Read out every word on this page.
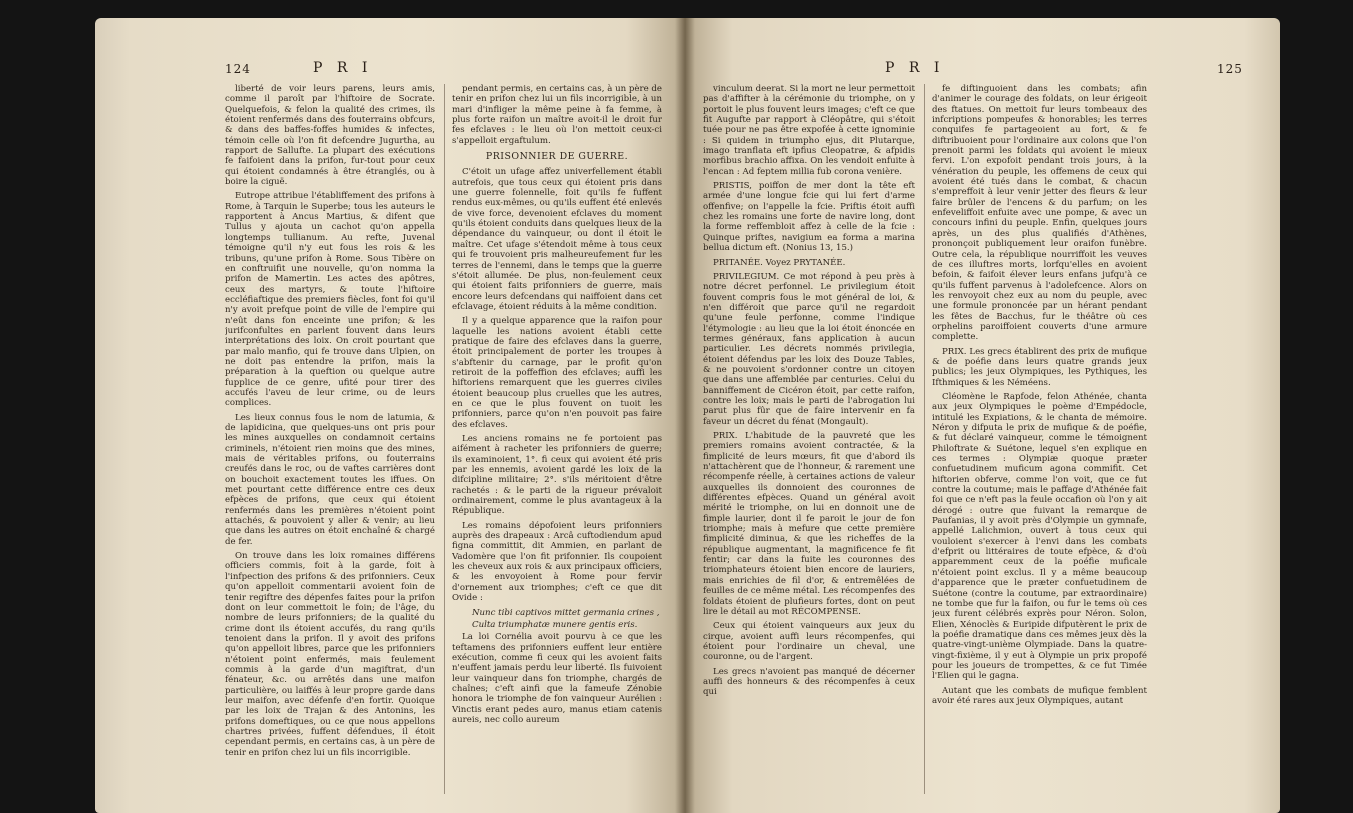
124	P R I

liberté de voir leurs parens, leurs amis, comme il paroît par l'hiftoire de Socrate. Quelquefois, & felon la qualité des crimes, ils étoient renfermés dans des fouterrains obfcurs, & dans des baffes-foffes humides & infectes, témoin celle où l'on fit defcendre Jugurtha, au rapport de Sallufte. La plupart des exécutions fe faifoient dans la prifon, fur-tout pour ceux qui étoient condamnés à être étranglés, ou à boire la ciguë.

Eutrope attribue l'établiffement des prifons à Rome, à Tarquin le Superbe; tous les auteurs le rapportent à Ancus Martius, & difent que Tullus y ajouta un cachot qu'on appella longtemps tullianum. Au refte, Juvenal témoigne qu'il n'y eut fous les rois & les tribuns, qu'une prifon à Rome. Sous Tibère on en conftruifit une nouvelle, qu'on nomma la prifon de Mamertin. Les actes des apôtres, ceux des martyrs, & toute l'hiftoire eccléfiaftique des premiers fiècles, font foi qu'il n'y avoit prefque point de ville de l'empire qui n'eût dans fon enceinte une prifon; & les jurifconfultes en parlent fouvent dans leurs interprétations des loix. On croit pourtant que par malo manfio, qui fe trouve dans Ulpien, on ne doit pas entendre la prifon, mais la préparation à la queftion ou quelque autre fupplice de ce genre, ufité pour tirer des accufés l'aveu de leur crime, ou de leurs complices.

Les lieux connus fous le nom de latumia, & de lapidicina, que quelques-uns ont pris pour les mines auxquelles on condamnoit certains criminels, n'étoient rien moins que des mines, mais de véritables prifons, ou fouterrains creufés dans le roc, ou de vaftes carrières dont on bouchoit exactement toutes les iffues. On met pourtant cette différence entre ces deux efpèces de prifons, que ceux qui étoient renfermés dans les premières n'étoient point attachés, & pouvoient y aller & venir; au lieu que dans les autres on étoit enchaîné & chargé de fer.

On trouve dans les loix romaines différens officiers commis, foit à la garde, foit à l'infpection des prifons & des prifonniers. Ceux qu'on appelloit commentarii avoient foin de tenir regiftre des dépenfes faites pour la prifon dont on leur commettoit le foin; de l'âge, du nombre de leurs prifonniers; de la qualité du crime dont ils étoient accufés, du rang qu'ils tenoient dans la prifon. Il y avoit des prifons qu'on appelloit libres, parce que les prifonniers n'étoient point enfermés, mais feulement commis à la garde d'un magiftrat, d'un fénateur, &c. ou arrêtés dans une maifon particulière, ou laiffés à leur propre garde dans leur maifon, avec défenfe d'en fortir. Quoique par les loix de Trajan & des Antonins, les prifons domeftiques, ou ce que nous appellons chartres privées, fuffent défendues, il étoit cependant permis, en certains cas, à un père de tenir en prifon chez lui un fils incorrigible.

pendant permis, en certains cas, à un père de tenir en prifon chez lui un fils incorrigible, à un mari d'infliger la même peine à fa femme, à plus forte raifon un maître avoit-il le droit fur fes efclaves : le lieu où l'on mettoit ceux-ci s'appelloit ergaftulum.

PRISONNIER DE GUERRE.

C'étoit un ufage affez univerfellement établi autrefois, que tous ceux qui étoient pris dans une guerre folennelle, foit qu'ils fe fuffent rendus eux-mêmes, ou qu'ils euffent été enlevés de vive force, devenoient efclaves du moment qu'ils étoient conduits dans quelques lieux de la dépendance du vainqueur, ou dont il étoit le maître. Cet ufage s'étendoit même à tous ceux qui fe trouvoient pris malheureufement fur les terres de l'ennemi, dans le temps que la guerre s'étoit allumée. De plus, non-feulement ceux qui étoient faits prifonniers de guerre, mais encore leurs defcendans qui naiffoient dans cet efclavage, étoient réduits à la même condition.

Il y a quelque apparence que la raifon pour laquelle les nations avoient établi cette pratique de faire des efclaves dans la guerre, étoit principalement de porter les troupes à s'abftenir du carnage, par le profit qu'on retiroit de la poffeffion des efclaves; auffi les hiftoriens remarquent que les guerres civiles étoient beaucoup plus cruelles que les autres, en ce que le plus fouvent on tuoit les prifonniers, parce qu'on n'en pouvoit pas faire des efclaves.

Les anciens romains ne fe portoient pas aifément à racheter les prifonniers de guerre; ils examinoient, 1°. fi ceux qui avoient été pris par les ennemis, avoient gardé les loix de la difcipline militaire; 2°. s'ils méritoient d'être rachetés : & le parti de la rigueur prévaloit ordinairement, comme le plus avantageux à la République.

Les romains dépofoient leurs prifonniers auprès des drapeaux : Arcâ cuftodiendum apud figna committit, dit Ammien, en parlant de Vadomère que l'on fit prifonnier. Ils coupoient les cheveux aux rois & aux principaux officiers, & les envoyoient à Rome pour fervir d'ornement aux triomphes; c'eft ce que dit Ovide :

Nunc tibi captivos mittet germania crines ,

Culta triumphatæ munere gentis eris.

La loi Cornélia avoit pourvu à ce que les teftamens des prifonniers euffent leur entière exécution, comme fi ceux qui les avoient faits n'euffent jamais perdu leur liberté. Ils fuivoient leur vainqueur dans fon triomphe, chargés de chaînes; c'eft ainfi que la fameufe Zénobie honora le triomphe de fon vainqueur Aurélien : Vinctis erant pedes auro, manus etiam catenis aureis, nec collo aureum

P R I	125

vinculum deerat. Si la mort ne leur permettoit pas d'affifter à la cérémonie du triomphe, on y portoit le plus fouvent leurs images; c'eft ce que fit Augufte par rapport à Cléopâtre, qui s'étoit tuée pour ne pas être expofée à cette ignominie : Si quidem in triumpho ejus, dit Plutarque, imago tranflata eft ipfius Cleopatræ, & afpidis morfibus brachio affixa. On les vendoit enfuite à l'encan : Ad feptem millia fub corona venière.

PRISTIS, poiffon de mer dont la tête eft armée d'une longue fcie qui lui fert d'arme offenfive; on l'appelle la fcie. Priftis étoit auffi chez les romains une forte de navire long, dont la forme reffembloit affez à celle de la fcie : Quinque priftes, navigium ea forma a marina bellua dictum eft. (Nonius 13, 15.)

PRITANÉE. Voyez PRYTANÉE.

PRIVILEGIUM. Ce mot répond à peu près à notre décret perfonnel. Le privilegium étoit fouvent compris fous le mot général de loi, & n'en différoit que parce qu'il ne regardoit qu'une feule perfonne, comme l'indique l'étymologie : au lieu que la loi étoit énoncée en termes généraux, fans application à aucun particulier. Les décrets nommés privilegia, étoient défendus par les loix des Douze Tables, & ne pouvoient s'ordonner contre un citoyen que dans une affemblée par centuries. Celui du banniffement de Cicéron étoit, par cette raifon, contre les loix; mais le parti de l'abrogation lui parut plus fûr que de faire intervenir en fa faveur un décret du fénat (Mongault).

PRIX. L'habitude de la pauvreté que les premiers romains avoient contractée, & la fimplicité de leurs mœurs, fit que d'abord ils n'attachèrent que de l'honneur, & rarement une récompenfe réelle, à certaines actions de valeur auxquelles ils donnoient des couronnes de différentes efpèces. Quand un général avoit mérité le triomphe, on lui en donnoit une de fimple laurier, dont il fe paroit le jour de fon triomphe; mais à mefure que cette première fimplicité diminua, & que les richeffes de la république augmentant, la magnificence fe fit fentir; car dans la fuite les couronnes des triomphateurs étoient bien encore de lauriers, mais enrichies de fil d'or, & entremêlées de feuilles de ce même métal. Les récompenfes des foldats étoient de plufieurs fortes, dont on peut lire le détail au mot RÉCOMPENSE.

Ceux qui étoient vainqueurs aux jeux du cirque, avoient auffi leurs récompenfes, qui étoient pour l'ordinaire un cheval, une couronne, ou de l'argent.

Les grecs n'avoient pas manqué de décerner auffi des honneurs & des récompenfes à ceux qui

fe diftinguoient dans les combats; afin d'animer le courage des foldats, on leur érigeoit des ftatues. On mettoit fur leurs tombeaux des infcriptions pompeufes & honorables; les terres conquifes fe partageoient au fort, & fe diftribuoient pour l'ordinaire aux colons que l'on prenoit parmi les foldats qui avoient le mieux fervi. L'on expofoit pendant trois jours, à la vénération du peuple, les offemens de ceux qui avoient été tués dans le combat, & chacun s'empreffoit à leur venir jetter des fleurs & leur faire brûler de l'encens & du parfum; on les enfeveliffoit enfuite avec une pompe, & avec un concours infini du peuple. Enfin, quelques jours après, un des plus qualifiés d'Athènes, prononçoit publiquement leur oraifon funèbre. Outre cela, la république nourriffoit les veuves de ces illuftres morts, lorfqu'elles en avoient befoin, & faifoit élever leurs enfans jufqu'à ce qu'ils fuffent parvenus à l'adolefcence. Alors on les renvoyoit chez eux au nom du peuple, avec une formule prononcée par un hérant pendant les fêtes de Bacchus, fur le théâtre où ces orphelins paroiffoient couverts d'une armure complette.

PRIX. Les grecs établirent des prix de mufique & de poéfie dans leurs quatre grands jeux publics; les jeux Olympiques, les Pythiques, les Ifthmiques & les Néméens.

Cléomène le Rapfode, felon Athénée, chanta aux jeux Olympiques le poème d'Empédocle, intitulé les Expiations, & le chanta de mémoire. Néron y difputa le prix de mufique & de poéfie, & fut déclaré vainqueur, comme le témoignent Philoftrate & Suétone, lequel s'en explique en ces termes : Olympiæ quoque præter confuetudinem muficum agona commifit. Cet hiftorien obferve, comme l'on voit, que ce fut contre la coutume; mais le paffage d'Athénée fait foi que ce n'eft pas la feule occafion où l'on y ait dérogé : outre que fuivant la remarque de Paufanias, il y avoit près d'Olympie un gymnafe, appellé Lalichmion, ouvert à tous ceux qui vouloient s'exercer à l'envi dans les combats d'efprit ou littéraires de toute efpèce, & d'où apparemment ceux de la poéfie muficale n'étoient point exclus. Il y a même beaucoup d'apparence que le præter confuetudinem de Suétone (contre la coutume, par extraordinaire) ne tombe que fur la faifon, ou fur le tems où ces jeux furent célébrés exprès pour Néron. Solon, Elien, Xénoclès & Euripide difputèrent le prix de la poéfie dramatique dans ces mêmes jeux dès la quatre-vingt-unième Olympiade. Dans la quatre-vingt-fixième, il y eut à Olympie un prix propofé pour les joueurs de trompettes, & ce fut Timée l'Elien qui le gagna.

Autant que les combats de mufique femblent avoir été rares aux jeux Olympiques, autant
